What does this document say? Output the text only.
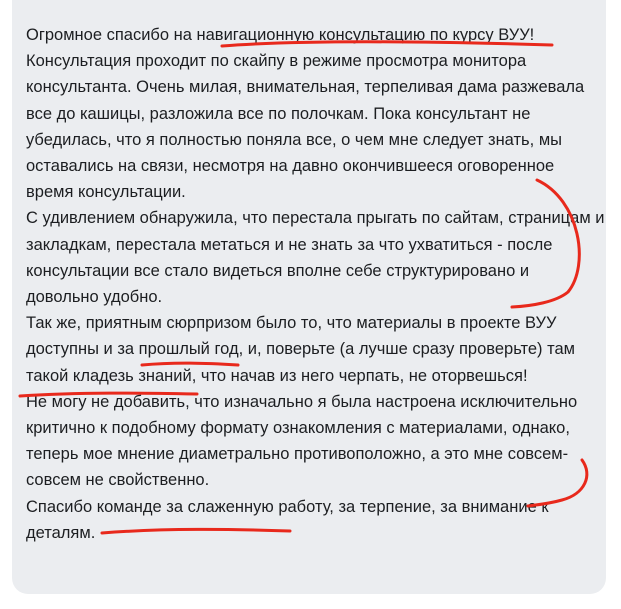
Огромное спасибо на навигационную консультацию по курсу ВУУ!

Консультация проходит по скайпу в режиме просмотра монитора консультанта. Очень милая, внимательная, терпеливая дама разжевала все до кашицы, разложила все по полочкам. Пока консультант не убедилась, что я полностью поняла все, о чем мне следует знать, мы оставались на связи, несмотря на давно окончившееся оговоренное время консультации.

С удивлением обнаружила, что перестала прыгать по сайтам, страницам и закладкам, перестала метаться и не знать за что ухватиться - после консультации все стало видеться вполне себе структурировано и довольно удобно.

Так же, приятным сюрпризом было то, что материалы в проекте ВУУ доступны и за прошлый год, и, поверьте (а лучше сразу проверьте) там такой кладезь знаний, что начав из него черпать, не оторвешься!

Не могу не добавить, что изначально я была настроена исключительно критично к подобному формату ознакомления с материалами, однако, теперь мое мнение диаметрально противоположно, а это мне совсем-совсем не свойственно.

Спасибо команде за слаженную работу, за терпение, за внимание к деталям.
